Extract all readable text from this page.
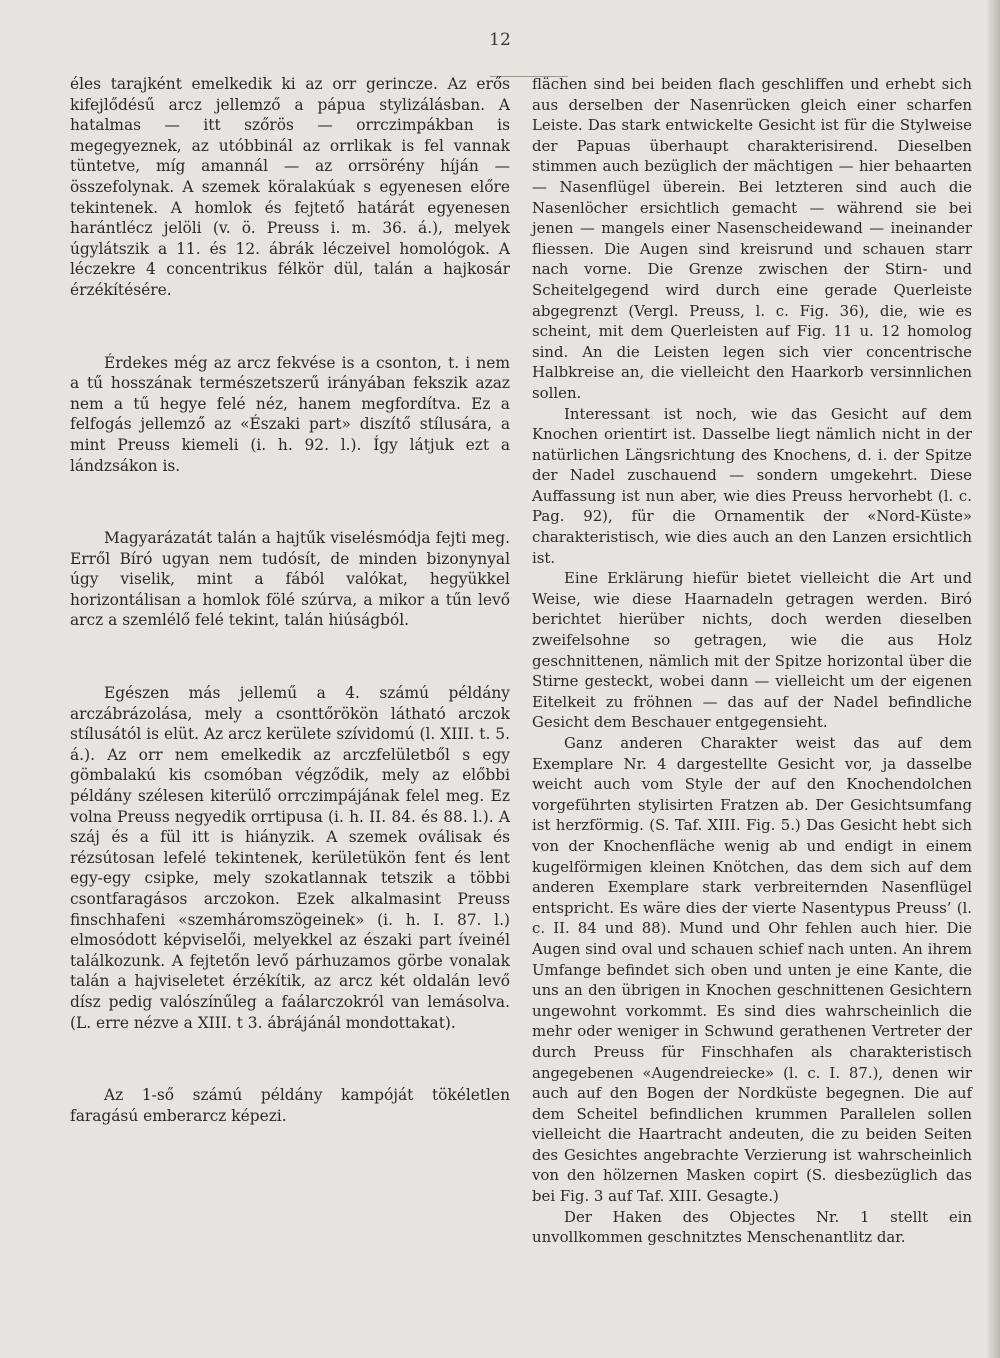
12

éles tarajként emelkedik ki az orr gerincze. Az erős kifejlődésű arcz jellemző a pápua stylizálásban. A hatalmas — itt szőrös — orrczimpákban is megegyeznek, az utóbbinál az orrlikak is fel vannak tüntetve, míg amannál — az orrsörény híján — összefolynak. A szemek köralakúak s egyenesen előre tekintenek. A homlok és fejtető határát egyenesen harántlécz jelöli (v. ö. Preuss i. m. 36. á.), melyek úgylátszik a 11. és 12. ábrák léczeivel homológok. A léczekre 4 concentrikus félkör dül, talán a hajkosár érzékítésére.

Érdekes még az arcz fekvése is a csonton, t. i nem a tű hosszának természetszerű irányában fekszik azaz nem a tű hegye felé néz, hanem megfordítva. Ez a felfogás jellemző az «Északi part» diszítő stílusára, a mint Preuss kiemeli (i. h. 92. l.). Így látjuk ezt a lándzsákon is.

Magyarázatát talán a hajtűk viselésmódja fejti meg. Erről Bíró ugyan nem tudósít, de minden bizonynyal úgy viselik, mint a fából valókat, hegyükkel horizontálisan a homlok fölé szúrva, a mikor a tűn levő arcz a szemlélő felé tekint, talán hiúságból.

Egészen más jellemű a 4. számú példány arczábrázolása, mely a csonttőrökön látható arczok stílusától is elüt. Az arcz kerülete szívidomú (l. XIII. t. 5. á.). Az orr nem emelkedik az arczfelületből s egy gömbalakú kis csomóban végződik, mely az előbbi példány szélesen kiterülő orrczimpájának felel meg. Ez volna Preuss negyedik orrtipusa (i. h. II. 84. és 88. l.). A száj és a fül itt is hiányzik. A szemek oválisak és rézsútosan lefelé tekintenek, kerületükön fent és lent egy-egy csipke, mely szokatlannak tetszik a többi csontfaragásos arczokon. Ezek alkalmasint Preuss finschhafeni «szemháromszögeinek» (i. h. I. 87. l.) elmosódott képviselői, melyekkel az északi part íveinél találkozunk. A fejtetőn levő párhuzamos görbe vonalak talán a hajviseletet érzékítik, az arcz két oldalán levő dísz pedig valószínűleg a faálarczokról van lemásolva. (L. erre nézve a XIII. t 3. ábrájánál mondottakat).

Az 1-ső számú példány kampóját tökéletlen faragású emberarcz képezi.

flächen sind bei beiden flach geschliffen und erhebt sich aus derselben der Nasenrücken gleich einer scharfen Leiste. Das stark entwickelte Gesicht ist für die Stylweise der Papuas überhaupt charakterisirend. Dieselben stimmen auch bezüglich der mächtigen — hier behaarten — Nasenflügel überein. Bei letzteren sind auch die Nasenlöcher ersichtlich gemacht — während sie bei jenen — mangels einer Nasenscheidewand — ineinander fliessen. Die Augen sind kreisrund und schauen starr nach vorne. Die Grenze zwischen der Stirn- und Scheitelgegend wird durch eine gerade Querleiste abgegrenzt (Vergl. Preuss, l. c. Fig. 36), die, wie es scheint, mit dem Querleisten auf Fig. 11 u. 12 homolog sind. An die Leisten legen sich vier concentrische Halbkreise an, die vielleicht den Haarkorb versinnlichen sollen.

Interessant ist noch, wie das Gesicht auf dem Knochen orientirt ist. Dasselbe liegt nämlich nicht in der natürlichen Längsrichtung des Knochens, d. i. der Spitze der Nadel zuschauend — sondern umgekehrt. Diese Auffassung ist nun aber, wie dies Preuss hervorhebt (l. c. Pag. 92), für die Ornamentik der «Nord-Küste» charakteristisch, wie dies auch an den Lanzen ersichtlich ist.

Eine Erklärung hiefür bietet vielleicht die Art und Weise, wie diese Haarnadeln getragen werden. Biró berichtet hierüber nichts, doch werden dieselben zweifelsohne so getragen, wie die aus Holz geschnittenen, nämlich mit der Spitze horizontal über die Stirne gesteckt, wobei dann — vielleicht um der eigenen Eitelkeit zu fröhnen — das auf der Nadel befindliche Gesicht dem Beschauer entgegensieht.

Ganz anderen Charakter weist das auf dem Exemplare Nr. 4 dargestellte Gesicht vor, ja dasselbe weicht auch vom Style der auf den Knochendolchen vorgeführten stylisirten Fratzen ab. Der Gesichtsumfang ist herzförmig. (S. Taf. XIII. Fig. 5.) Das Gesicht hebt sich von der Knochenfläche wenig ab und endigt in einem kugelförmigen kleinen Knötchen, das dem sich auf dem anderen Exemplare stark verbreiternden Nasenflügel entspricht. Es wäre dies der vierte Nasentypus Preuss’ (l. c. II. 84 und 88). Mund und Ohr fehlen auch hier. Die Augen sind oval und schauen schief nach unten. An ihrem Umfange befindet sich oben und unten je eine Kante, die uns an den übrigen in Knochen geschnittenen Gesichtern ungewohnt vorkommt. Es sind dies wahrscheinlich die mehr oder weniger in Schwund gerathenen Vertreter der durch Preuss für Finschhafen als charakteristisch angegebenen «Augendreiecke» (l. c. I. 87.), denen wir auch auf den Bogen der Nordküste begegnen. Die auf dem Scheitel befindlichen krummen Parallelen sollen vielleicht die Haartracht andeuten, die zu beiden Seiten des Gesichtes angebrachte Verzierung ist wahrscheinlich von den hölzernen Masken copirt (S. diesbezüglich das bei Fig. 3 auf Taf. XIII. Gesagte.)

Der Haken des Objectes Nr. 1 stellt ein unvollkommen geschnitztes Menschenantlitz dar.
